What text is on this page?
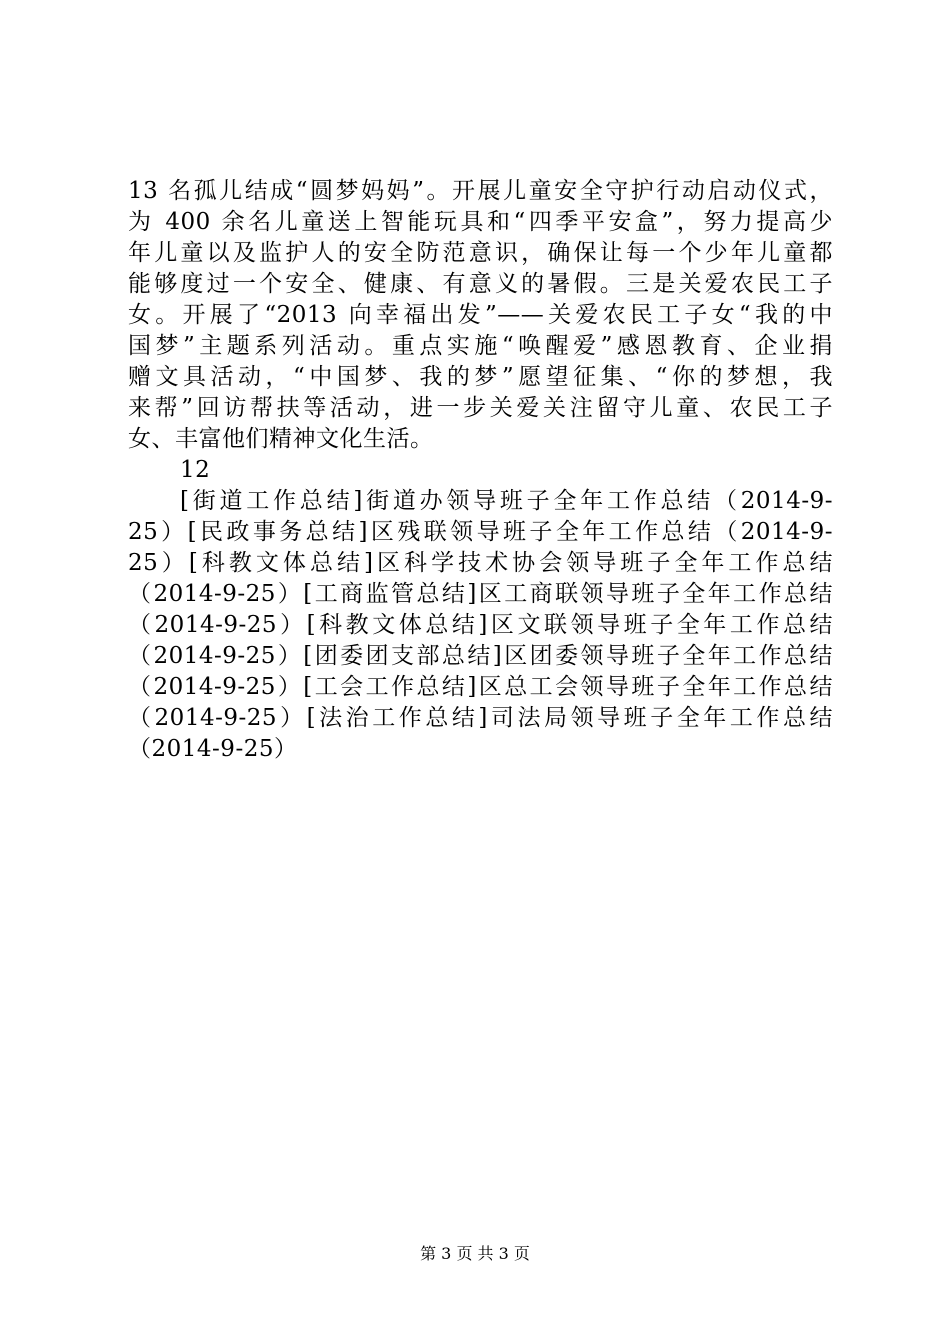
13 名孤儿结成“圆梦妈妈”。开展儿童安全守护行动启动仪式，
为 400 余名儿童送上智能玩具和“四季平安盒”，努力提高少
年儿童以及监护人的安全防范意识，确保让每一个少年儿童都
能够度过一个安全、健康、有意义的暑假。三是关爱农民工子
女。开展了“2013 向幸福出发”——关爱农民工子女“我的中
国梦”主题系列活动。重点实施“唤醒爱”感恩教育、企业捐
赠文具活动，“中国梦、我的梦”愿望征集、“你的梦想，我
来帮”回访帮扶等活动，进一步关爱关注留守儿童、农民工子
女、丰富他们精神文化生活。
12
[街道工作总结]街道办领导班子全年工作总结（2014-9-
25）[民政事务总结]区残联领导班子全年工作总结（2014-9-
25）[科教文体总结]区科学技术协会领导班子全年工作总结
（2014-9-25）[工商监管总结]区工商联领导班子全年工作总结
（2014-9-25）[科教文体总结]区文联领导班子全年工作总结
（2014-9-25）[团委团支部总结]区团委领导班子全年工作总结
（2014-9-25）[工会工作总结]区总工会领导班子全年工作总结
（2014-9-25）[法治工作总结]司法局领导班子全年工作总结
（2014-9-25）
第 3 页 共 3 页
